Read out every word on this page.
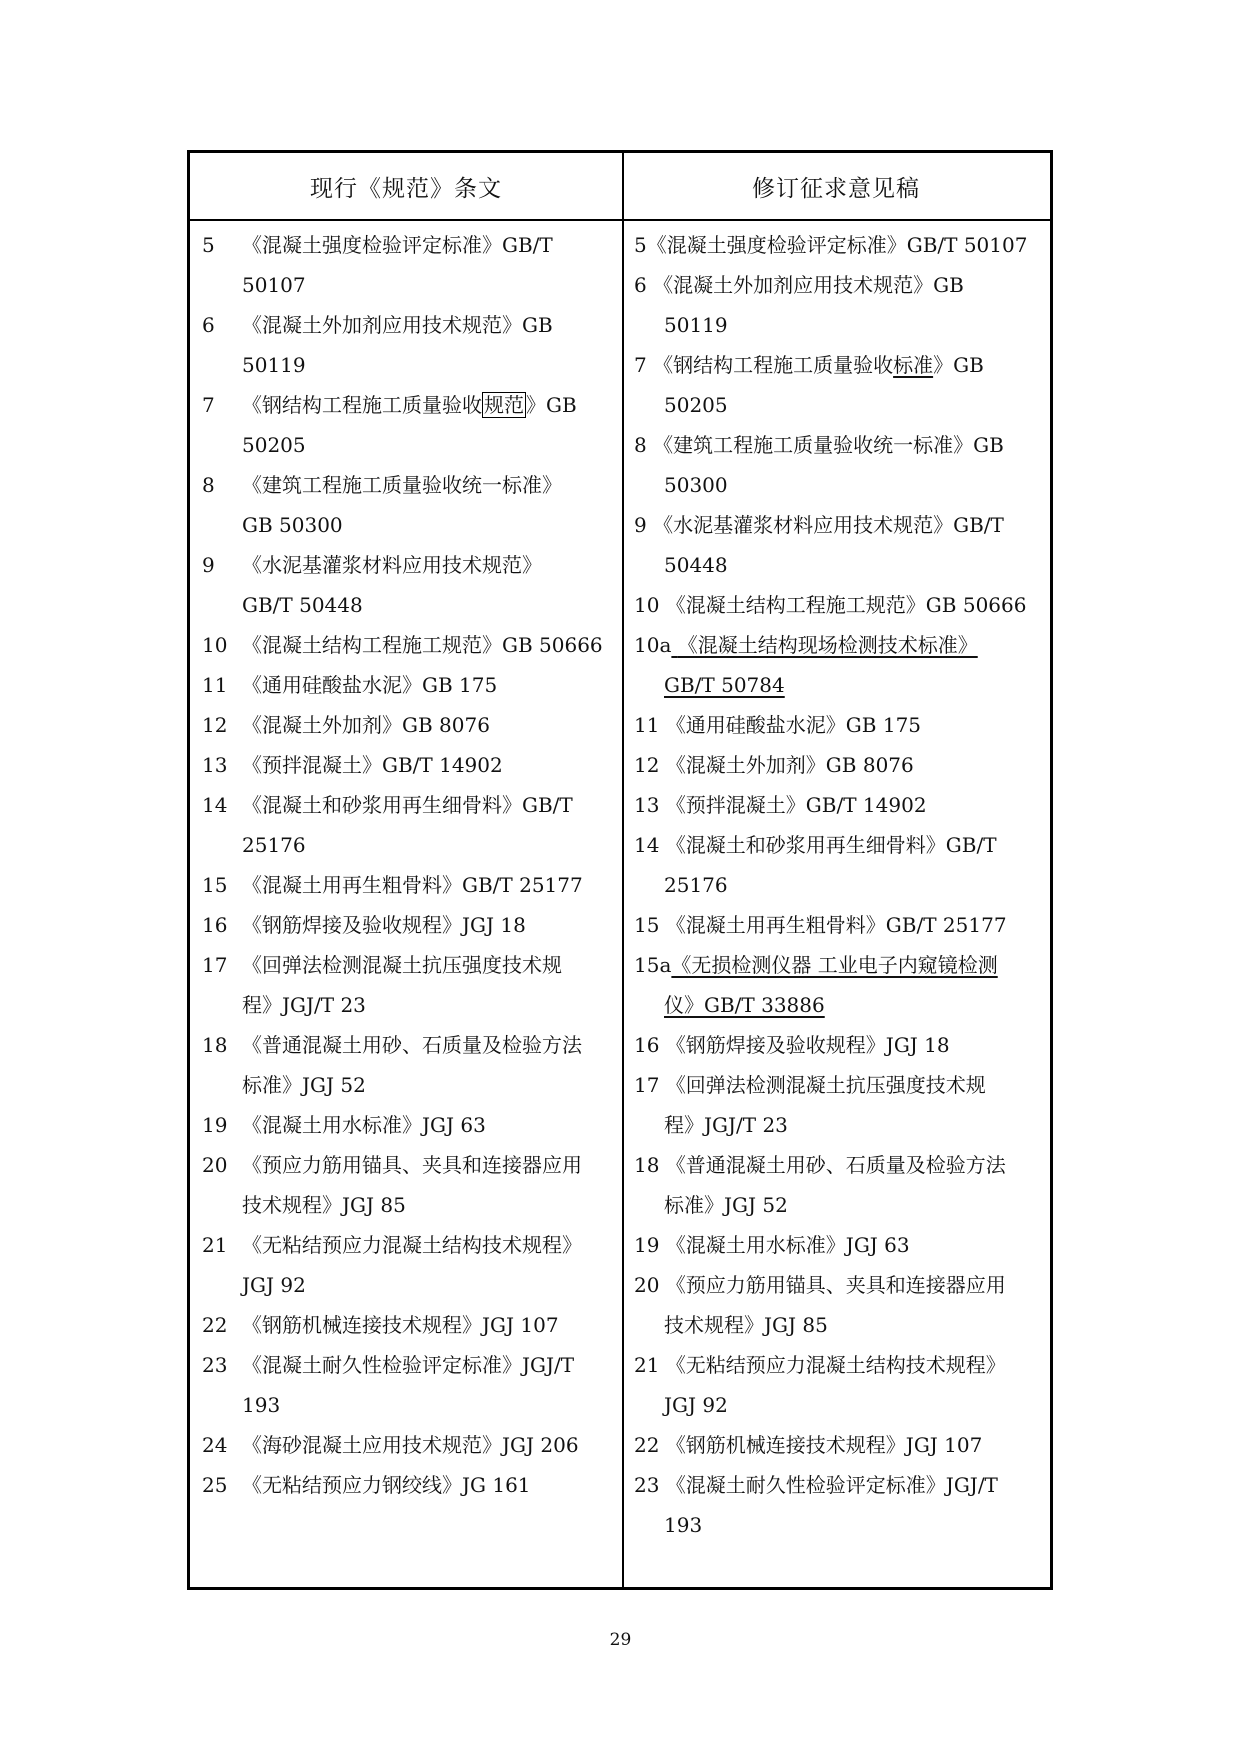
现行《规范》条文	修订征求意见稿
5 《混凝土强度检验评定标准》GB/T
50107
6 《混凝土外加剂应用技术规范》GB
50119
7 《钢结构工程施工质量验收 规范 》GB
50205
8 《建筑工程施工质量验收统一标准》
GB 50300
9 《水泥基灌浆材料应用技术规范》
GB/T 50448
10 《混凝土结构工程施工规范》GB 50666
11 《通用硅酸盐水泥》GB 175
12 《混凝土外加剂》GB 8076
13 《预拌混凝土》GB/T 14902
14 《混凝土和砂浆用再生细骨料》GB/T
25176
15 《混凝土用再生粗骨料》GB/T 25177
16 《钢筋焊接及验收规程》JGJ 18
17 《回弹法检测混凝土抗压强度技术规
程》JGJ/T 23
18 《普通混凝土用砂、石质量及检验方法
标准》JGJ 52
19 《混凝土用水标准》JGJ 63
20 《预应力筋用锚具、夹具和连接器应用
技术规程》JGJ 85
21 《无粘结预应力混凝土结构技术规程》
JGJ 92
22 《钢筋机械连接技术规程》JGJ 107
23 《混凝土耐久性检验评定标准》JGJ/T
193
24 《海砂混凝土应用技术规范》JGJ 206
25 《无粘结预应力钢绞线》JG 161
5《混凝土强度检验评定标准》GB/T 50107
6 《混凝土外加剂应用技术规范》GB
50119
7 《钢结构工程施工质量验收标准》GB
50205
8 《建筑工程施工质量验收统一标准》GB
50300
9 《水泥基灌浆材料应用技术规范》GB/T
50448
10 《混凝土结构工程施工规范》GB 50666
10a 《混凝土结构现场检测技术标准》
GB/T 50784
11 《通用硅酸盐水泥》GB 175
12 《混凝土外加剂》GB 8076
13 《预拌混凝土》GB/T 14902
14 《混凝土和砂浆用再生细骨料》GB/T
25176
15 《混凝土用再生粗骨料》GB/T 25177
15a《无损检测仪器 工业电子内窥镜检测
仪》GB/T 33886
16 《钢筋焊接及验收规程》JGJ 18
17 《回弹法检测混凝土抗压强度技术规
程》JGJ/T 23
18 《普通混凝土用砂、石质量及检验方法
标准》JGJ 52
19 《混凝土用水标准》JGJ 63
20 《预应力筋用锚具、夹具和连接器应用
技术规程》JGJ 85
21 《无粘结预应力混凝土结构技术规程》
JGJ 92
22 《钢筋机械连接技术规程》JGJ 107
23 《混凝土耐久性检验评定标准》JGJ/T
193
29
